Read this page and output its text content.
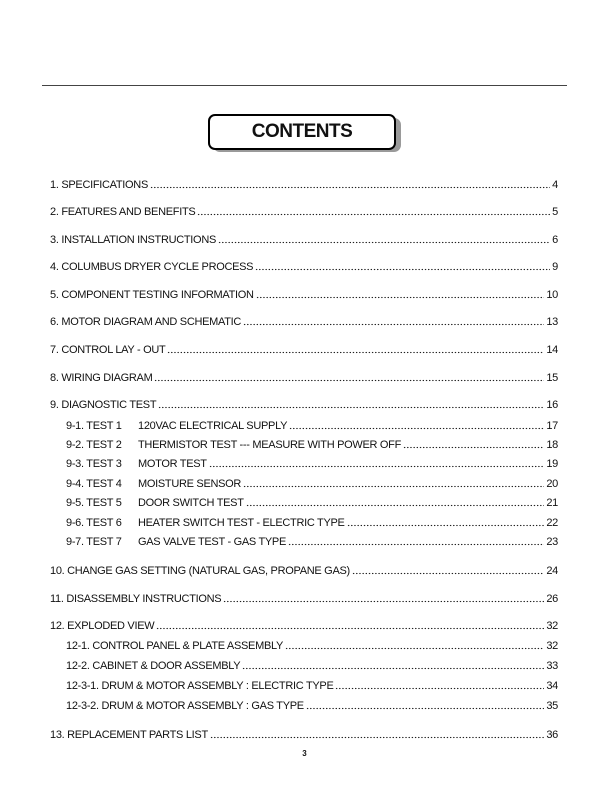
CONTENTS
1. SPECIFICATIONS	4
2. FEATURES AND BENEFITS	5
3. INSTALLATION INSTRUCTIONS	6
4. COLUMBUS DRYER CYCLE PROCESS	9
5. COMPONENT TESTING INFORMATION	10
6. MOTOR DIAGRAM AND SCHEMATIC	13
7. CONTROL LAY - OUT	14
8. WIRING DIAGRAM	15
9. DIAGNOSTIC TEST	16
9-1. TEST 1	120VAC ELECTRICAL SUPPLY	17
9-2. TEST 2	THERMISTOR TEST --- MEASURE WITH POWER OFF	18
9-3. TEST 3	MOTOR TEST	19
9-4. TEST 4	MOISTURE SENSOR	20
9-5. TEST 5	DOOR SWITCH TEST	21
9-6. TEST 6	HEATER SWITCH TEST - ELECTRIC TYPE	22
9-7. TEST 7	GAS VALVE TEST - GAS TYPE	23
10. CHANGE GAS SETTING (NATURAL GAS, PROPANE GAS)	24
11. DISASSEMBLY INSTRUCTIONS	26
12. EXPLODED VIEW	32
12-1. CONTROL PANEL & PLATE ASSEMBLY	32
12-2. CABINET & DOOR ASSEMBLY	33
12-3-1. DRUM & MOTOR ASSEMBLY : ELECTRIC TYPE	34
12-3-2. DRUM & MOTOR ASSEMBLY : GAS TYPE	35
13. REPLACEMENT PARTS LIST	36
3
